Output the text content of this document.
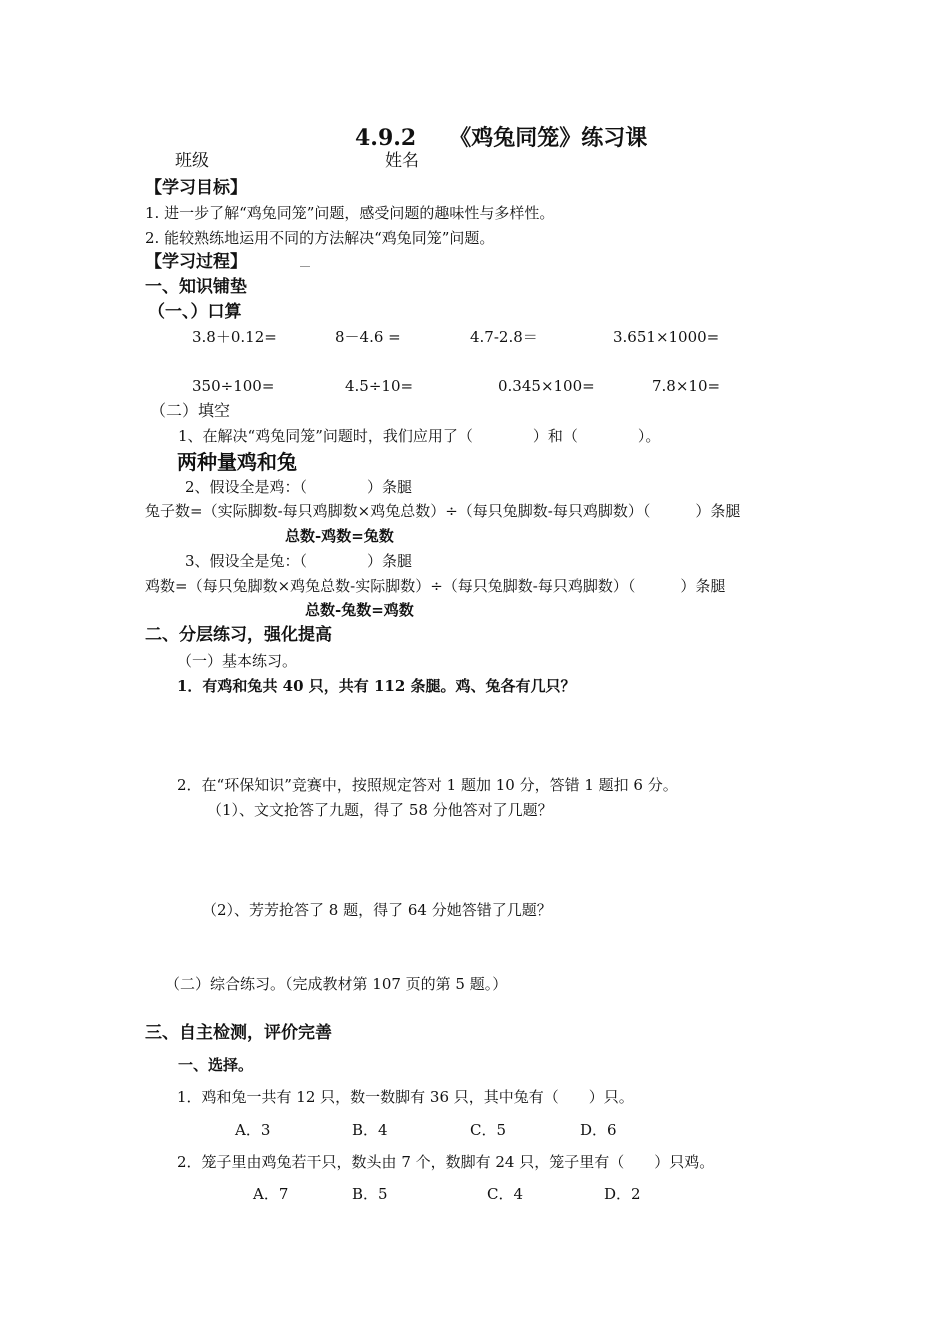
4.9.2　　《鸡兔同笼》练习课
班级	姓名
【学习目标】
1. 进一步了解“鸡兔同笼”问题，感受问题的趣味性与多样性。
2. 能较熟练地运用不同的方法解决“鸡兔同笼”问题。
【学习过程】
一、知识铺垫
（一、）口算
3.8＋0.12=	8－4.6 =	4.7-2.8＝	3.651×1000=
350÷100=	4.5÷10=	0.345×100=	7.8×10=
（二）填空
1、在解决“鸡兔同笼”问题时，我们应用了（　　　　）和（　　　　）。
两种量鸡和兔
2、假设全是鸡：（　　　　）条腿
兔子数=（实际脚数-每只鸡脚数×鸡兔总数）÷（每只兔脚数-每只鸡脚数）（　　　）条腿
总数-鸡数=兔数
3、假设全是兔：（　　　　）条腿
鸡数=（每只兔脚数×鸡兔总数-实际脚数）÷（每只兔脚数-每只鸡脚数）（　　　）条腿
总数-兔数=鸡数
二、分层练习，强化提高
（一）基本练习。
1．有鸡和兔共 40 只，共有 112 条腿。鸡、兔各有几只？
2．在“环保知识”竞赛中，按照规定答对 1 题加 10 分，答错 1 题扣 6 分。
（1）、文文抢答了九题，得了 58 分他答对了几题？
（2）、芳芳抢答了 8 题，得了 64 分她答错了几题？
（二）综合练习。（完成教材第 107 页的第 5 题。）
三、自主检测，评价完善
一、选择。
1．鸡和兔一共有 12 只，数一数脚有 36 只，其中兔有（　　）只。
A．3	B．4	C．5	D．6
2．笼子里由鸡兔若干只，数头由 7 个，数脚有 24 只，笼子里有（　　）只鸡。
A．7	B．5	C．4	D．2
